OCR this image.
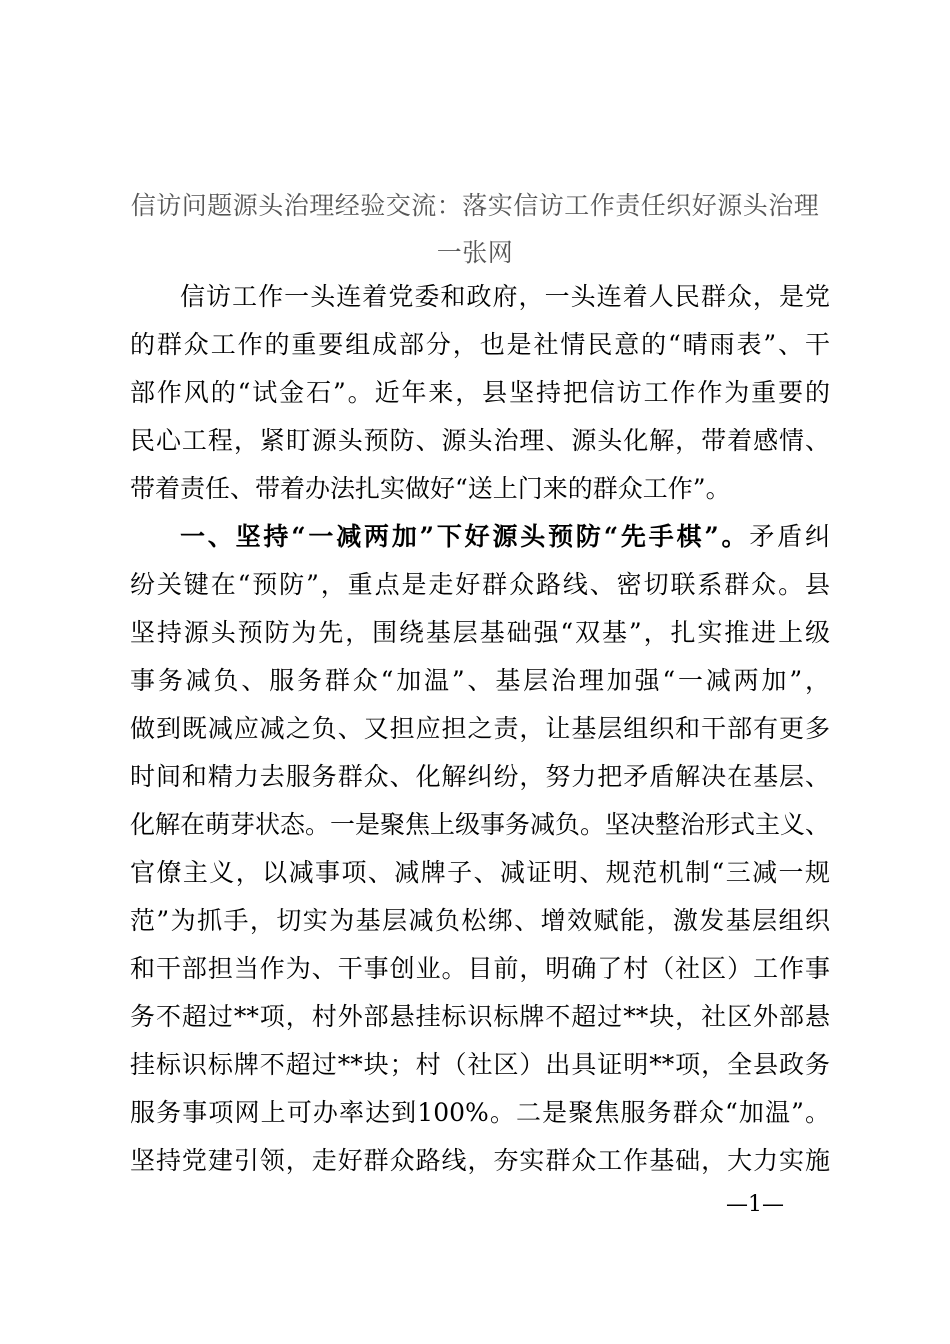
信访问题源头治理经验交流：落实信访工作责任织好源头治理
一张网
信访工作一头连着党委和政府，一头连着人民群众，是党
的群众工作的重要组成部分，也是社情民意的“晴雨表”、干
部作风的“试金石”。近年来，县坚持把信访工作作为重要的
民心工程，紧盯源头预防、源头治理、源头化解，带着感情、
带着责任、带着办法扎实做好“送上门来的群众工作”。
一、坚持“一减两加”下好源头预防“先手棋”。矛盾纠
纷关键在“预防”，重点是走好群众路线、密切联系群众。县
坚持源头预防为先，围绕基层基础强“双基”，扎实推进上级
事务减负、服务群众“加温”、基层治理加强“一减两加”，
做到既减应减之负、又担应担之责，让基层组织和干部有更多
时间和精力去服务群众、化解纠纷，努力把矛盾解决在基层、
化解在萌芽状态。一是聚焦上级事务减负。坚决整治形式主义、
官僚主义，以减事项、减牌子、减证明、规范机制“三减一规
范”为抓手，切实为基层减负松绑、增效赋能，激发基层组织
和干部担当作为、干事创业。目前，明确了村（社区）工作事
务不超过**项，村外部悬挂标识标牌不超过**块，社区外部悬
挂标识标牌不超过**块；村（社区）出具证明**项，全县政务
服务事项网上可办率达到100%。二是聚焦服务群众“加温”。
坚持党建引领，走好群众路线，夯实群众工作基础，大力实施
—1—
